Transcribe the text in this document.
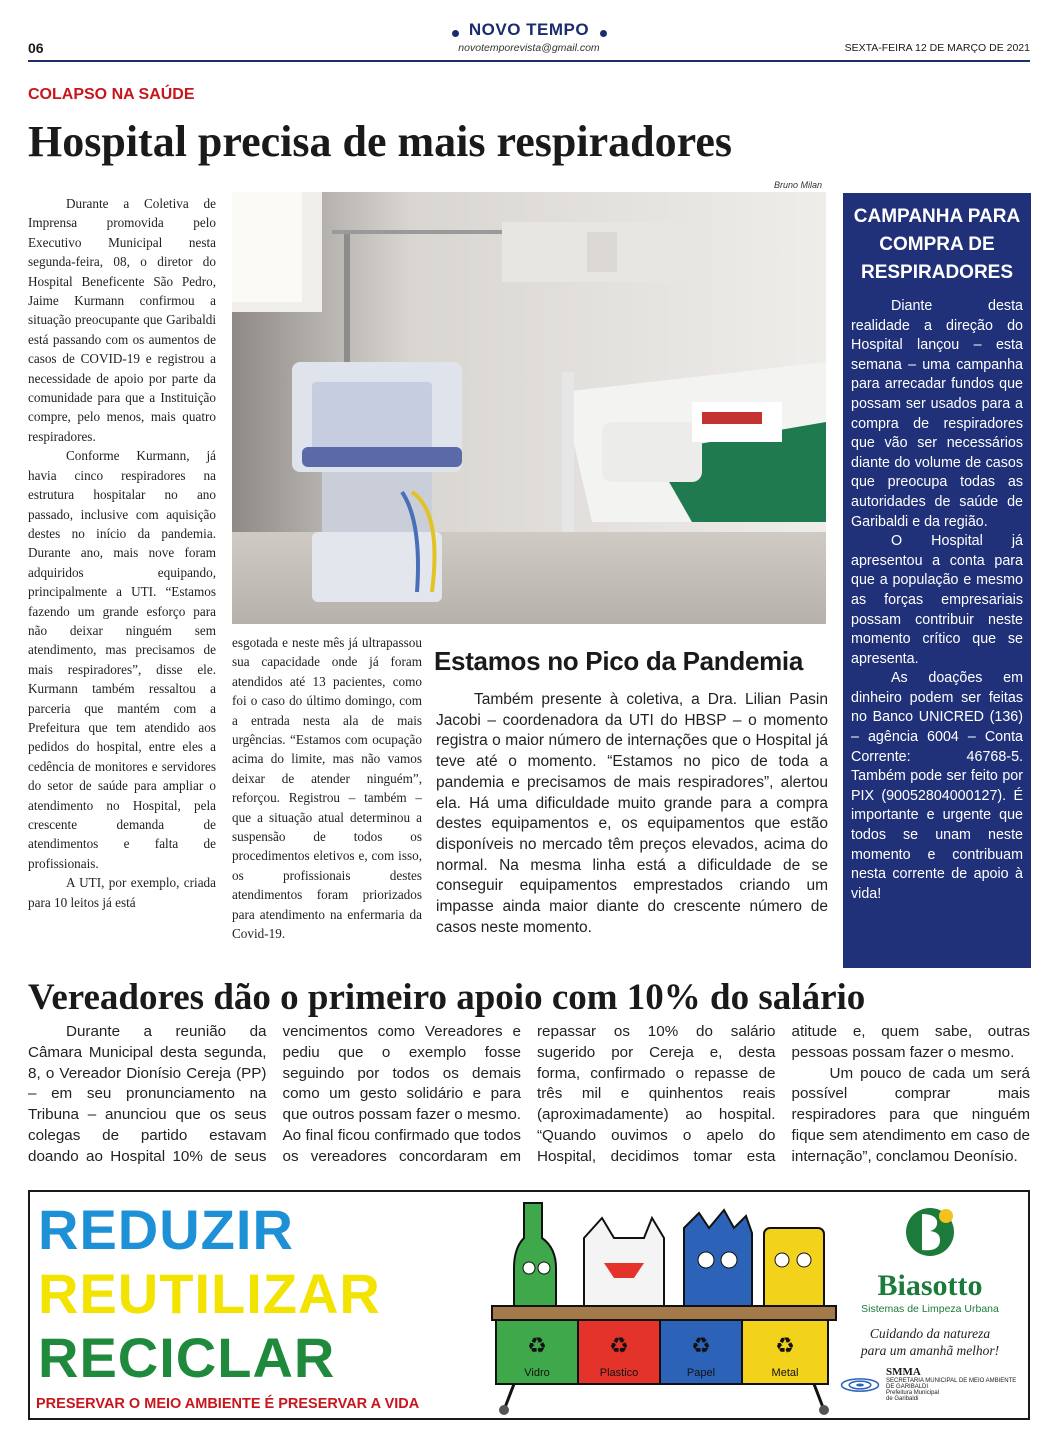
06
NOVO TEMPO
novotemporevista@gmail.com	SEXTA-FEIRA 12 DE MARÇO DE 2021
COLAPSO NA SAÚDE
Hospital precisa de mais respiradores

Durante a Coletiva de Imprensa promovida pelo Executivo Municipal nesta segunda-feira, 08, o diretor do Hospital Beneficente São Pedro, Jaime Kurmann confirmou a situação preocupante que Garibaldi está passando com os aumentos de casos de COVID-19 e registrou a necessidade de apoio por parte da comunidade para que a Instituição compre, pelo menos, mais quatro respiradores.

Conforme Kurmann, já havia cinco respiradores na estrutura hospitalar no ano passado, inclusive com aquisição destes no início da pandemia. Durante ano, mais nove foram adquiridos equipando, principalmente a UTI. “Estamos fazendo um grande esforço para não deixar ninguém sem atendimento, mas precisamos de mais respiradores”, disse ele. Kurmann também ressaltou a parceria que mantém com a Prefeitura que tem atendido aos pedidos do hospital, entre eles a cedência de monitores e servidores do setor de saúde para ampliar o atendimento no Hospital, pela crescente demanda de atendimentos e falta de profissionais.

A UTI, por exemplo, criada para 10 leitos já está

Bruno Milan

esgotada e neste mês já ultrapassou sua capacidade onde já foram atendidos até 13 pacientes, como foi o caso do último domingo, com a entrada nesta ala de mais urgências. “Estamos com ocupação acima do limite, mas não vamos deixar de atender ninguém”, reforçou. Registrou – também – que a situação atual determinou a suspensão de todos os procedimentos eletivos e, com isso, os profissionais destes atendimentos foram priorizados para atendimento na enfermaria da Covid-19.

Estamos no Pico da Pandemia

Também presente à coletiva, a Dra. Lilian Pasin Jacobi – coordenadora da UTI do HBSP – o momento registra o maior número de internações que o Hospital já teve até o momento. “Estamos no pico de toda a pandemia e precisamos de mais respiradores”, alertou ela. Há uma dificuldade muito grande para a compra destes equipamentos e, os equipamentos que estão disponíveis no mercado têm preços elevados, acima do normal. Na mesma linha está a dificuldade de se conseguir equipamentos emprestados criando um impasse ainda maior diante do crescente número de casos neste momento.

CAMPANHA PARA COMPRA DE RESPIRADORES

Diante desta realidade a direção do Hospital lançou – esta semana – uma campanha para arrecadar fundos que possam ser usados para a compra de respiradores que vão ser necessários diante do volume de casos que preocupa todas as autoridades de saúde de Garibaldi e da região.

O Hospital já apresentou a conta para que a população e mesmo as forças empresariais possam contribuir neste momento crítico que se apresenta.

As doações em dinheiro podem ser feitas no Banco UNICRED (136) – agência 6004 – Conta Corrente: 46768-5. Também pode ser feito por PIX (90052804000127). É importante e urgente que todos se unam neste momento e contribuam nesta corrente de apoio à vida!

Vereadores dão o primeiro apoio com 10% do salário

Durante a reunião da Câmara Municipal desta segunda, 8, o Vereador Dionísio Cereja (PP) – em seu pronunciamento na Tribuna – anunciou que os seus colegas de partido estavam doando ao Hospital 10% de seus vencimentos como Vereadores e pediu que o exemplo fosse seguindo por todos os demais como um gesto solidário e para que outros possam fazer o mesmo. Ao final ficou confirmado que todos os vereadores concordaram em repassar os 10% do salário sugerido por Cereja e, desta forma, confirmado o repasse de três mil e quinhentos reais (aproximadamente) ao hospital. “Quando ouvimos o apelo do Hospital, decidimos tomar esta atitude e, quem sabe, outras pessoas possam fazer o mesmo.

Um pouco de cada um será possível comprar mais respiradores para que ninguém fique sem atendimento em caso de internação”, conclamou Deonísio.

REDUZIR
REUTILIZAR
RECICLAR
PRESERVAR O MEIO AMBIENTE É PRESERVAR A VIDA
♻	♻	♻	♻
Vidro	Plastico	Papel	Metal
Biasotto
Sistemas de Limpeza Urbana
Cuidando da natureza
para um amanhã melhor!
SMMA
SECRETARIA MUNICIPAL DE MEIO AMBIENTE DE GARIBALDI
Prefeitura Municipal
de Garibaldi
